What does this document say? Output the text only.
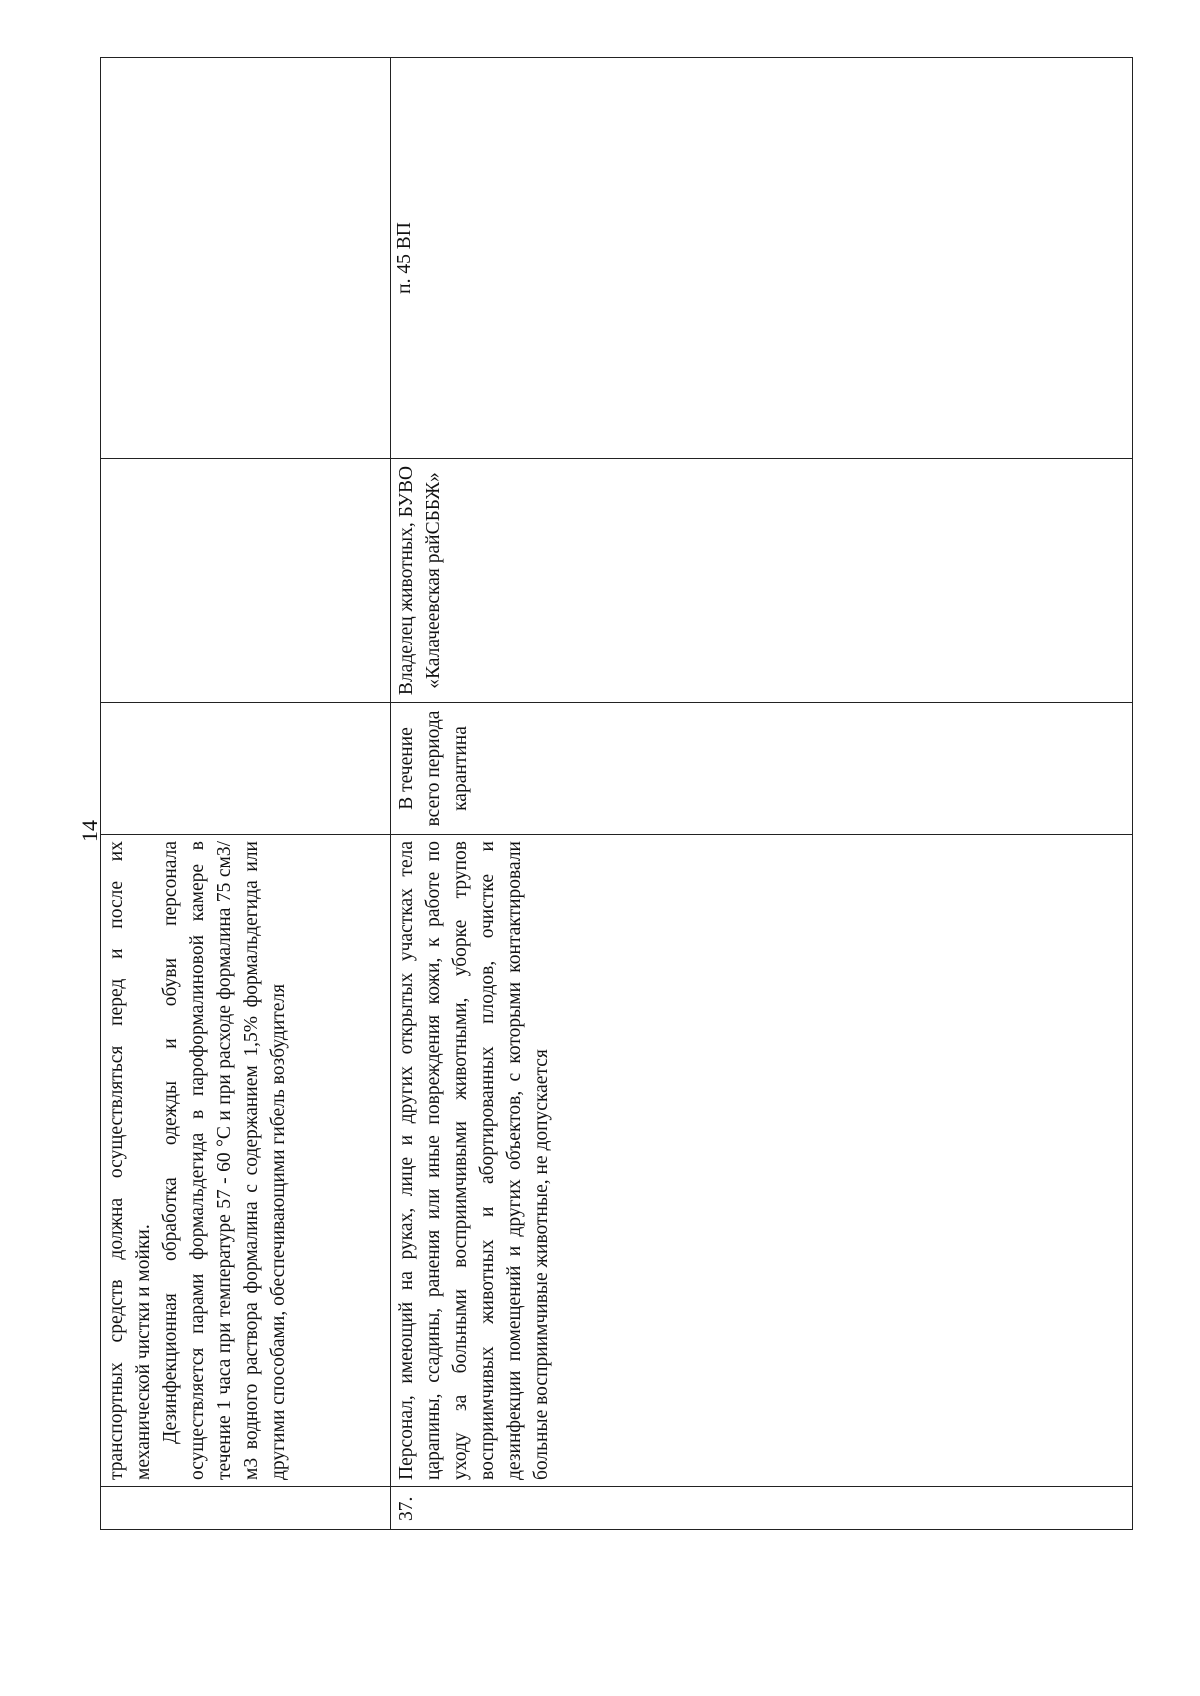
14

	транспортных средств должна осуществляться перед и после их механической чистки и мойки. Дезинфекционная обработка одежды и обуви персонала осуществляется парами формальдегида в пароформалиновой камере в течение 1 часа при температуре 57 - 60 °С и при расходе формалина 75 см3/м3 водного раствора формалина с содержанием 1,5% формальдегида или другими способами, обеспечивающими гибель возбудителя			

37.	Персонал, имеющий на руках, лице и других открытых участках тела царапины, ссадины, ранения или иные повреждения кожи, к работе по уходу за больными восприимчивыми животными, уборке трупов восприимчивых животных и абортированных плодов, очистке и дезинфекции помещений и других объектов, с которыми контактировали больные восприимчивые животные, не допускается	В течение всего периода карантина	Владелец животных, БУВО «Калачеевская райСББЖ»	п. 45 ВП
